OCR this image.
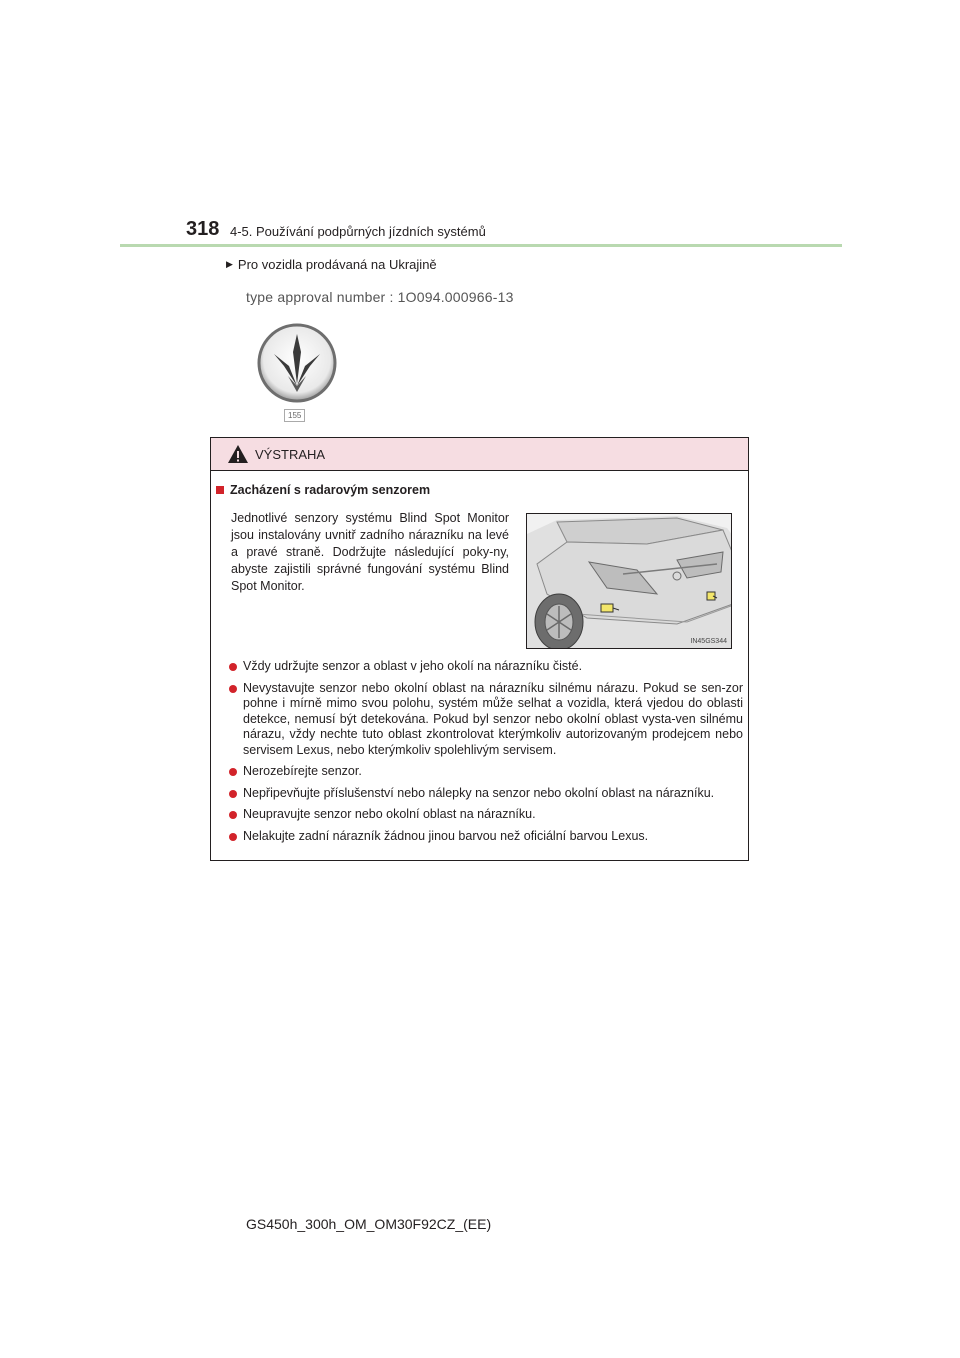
318 4-5. Používání podpůrných jízdních systémů
▶ Pro vozidla prodávaná na Ukrajině
type approval number : 1O094.000966-13
155
VÝSTRAHA
Zacházení s radarovým senzorem
Jednotlivé senzory systému Blind Spot Monitor jsou instalovány uvnitř zadního nárazníku na levé a pravé straně. Dodržujte následující poky-ny, abyste zajistili správné fungování systému Blind Spot Monitor.
IN45GS344
Vždy udržujte senzor a oblast v jeho okolí na nárazníku čisté.
Nevystavujte senzor nebo okolní oblast na nárazníku silnému nárazu. Pokud se sen-zor pohne i mírně mimo svou polohu, systém může selhat a vozidla, která vjedou do oblasti detekce, nemusí být detekována. Pokud byl senzor nebo okolní oblast vysta-ven silnému nárazu, vždy nechte tuto oblast zkontrolovat kterýmkoliv autorizovaným prodejcem nebo servisem Lexus, nebo kterýmkoliv spolehlivým servisem.
Nerozebírejte senzor.
Nepřipevňujte příslušenství nebo nálepky na senzor nebo okolní oblast na nárazníku.
Neupravujte senzor nebo okolní oblast na nárazníku.
Nelakujte zadní nárazník žádnou jinou barvou než oficiální barvou Lexus.
GS450h_300h_OM_OM30F92CZ_(EE)
